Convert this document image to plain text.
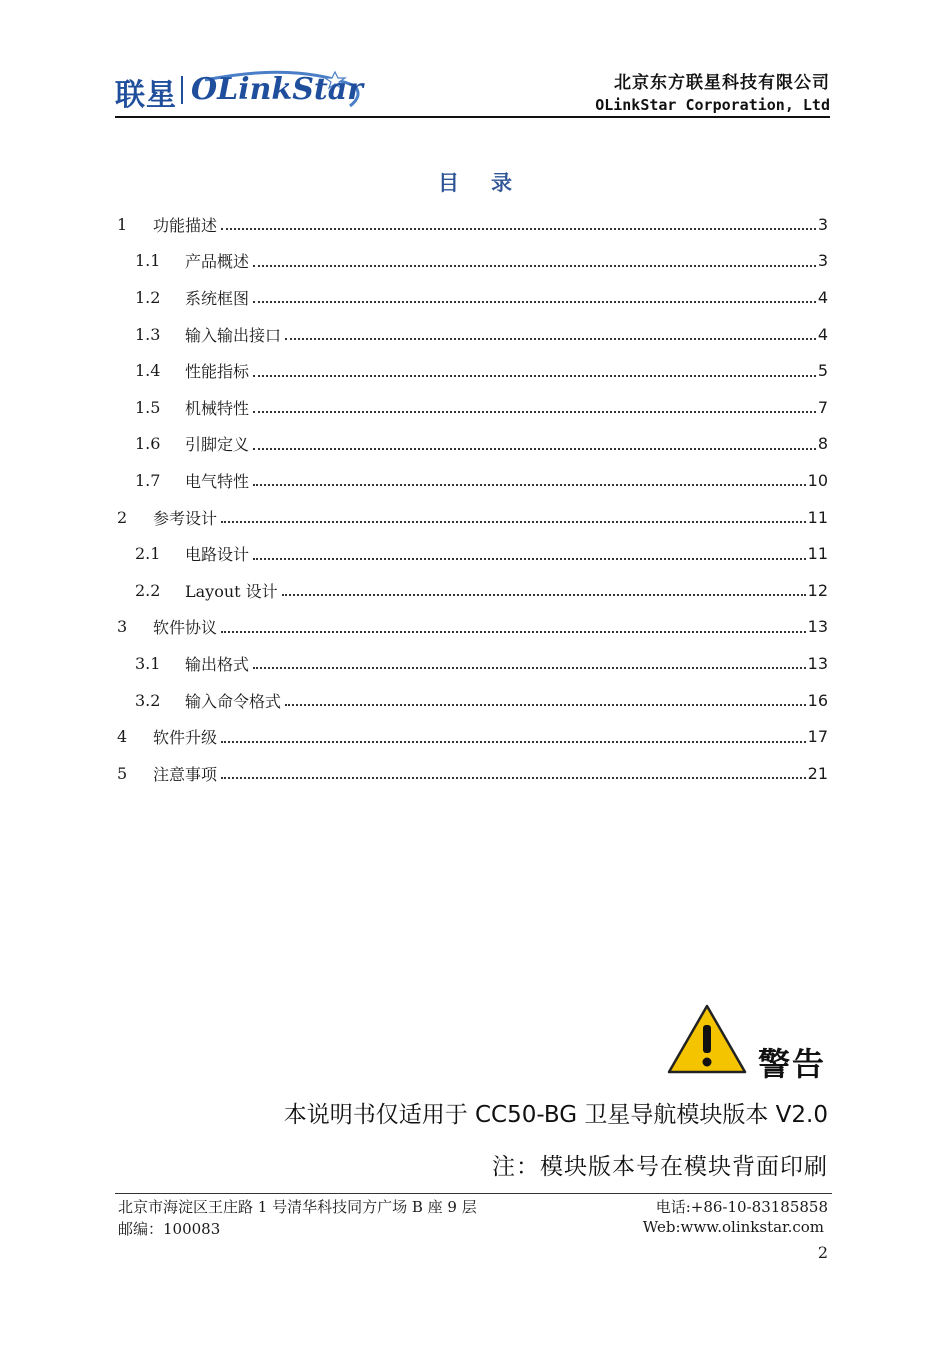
联星 OLinkStar	北京东方联星科技有限公司
OLinkStar Corporation, Ltd
目录
1	功能描述	3
1.1	产品概述	3
1.2	系统框图	4
1.3	输入输出接口	4
1.4	性能指标	5
1.5	机械特性	7
1.6	引脚定义	8
1.7	电气特性	10
2	参考设计	11
2.1	电路设计	11
2.2	Layout 设计	12
3	软件协议	13
3.1	输出格式	13
3.2	输入命令格式	16
4	软件升级	17
5	注意事项	21
警告
本说明书仅适用于 CC50-BG 卫星导航模块版本 V2.0
注：模块版本号在模块背面印刷
北京市海淀区王庄路 1 号清华科技同方广场 B 座 9 层
邮编：100083
电话:+86-10-83185858
Web:www.olinkstar.com
2
